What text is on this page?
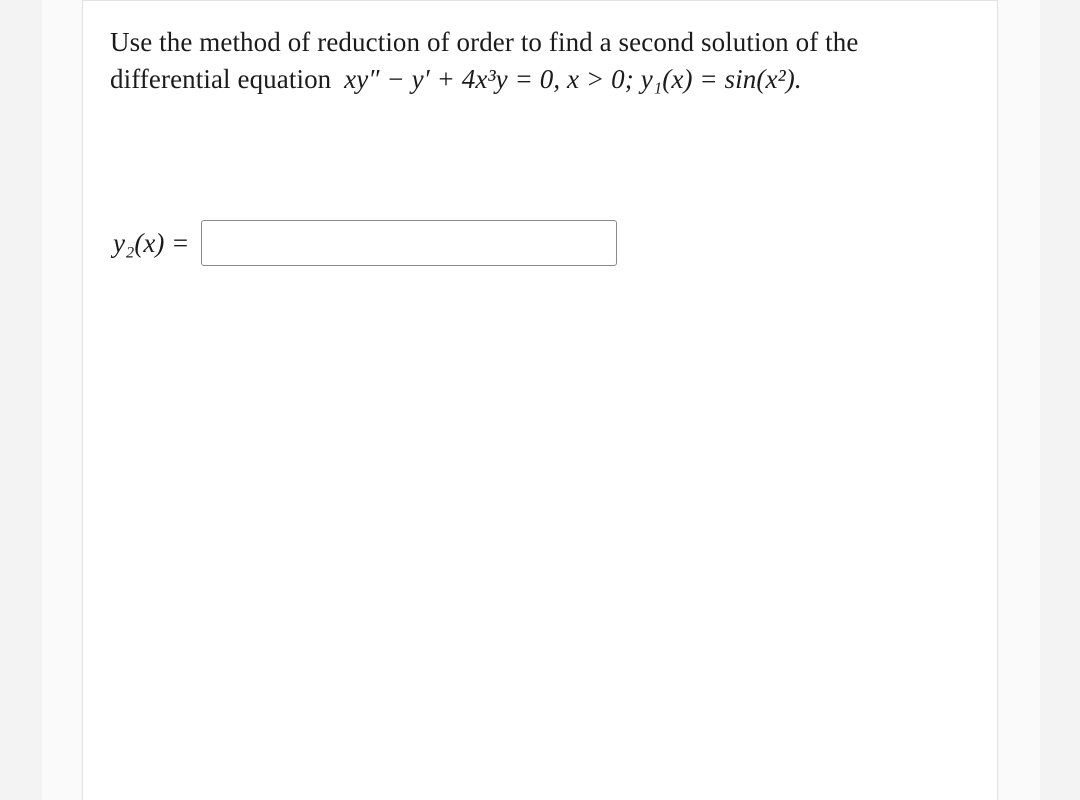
Use the method of reduction of order to find a second solution of the
differential equation xy″ − y′ + 4x³y = 0, x > 0; y₁(x) = sin(x²).
y₂(x) =
